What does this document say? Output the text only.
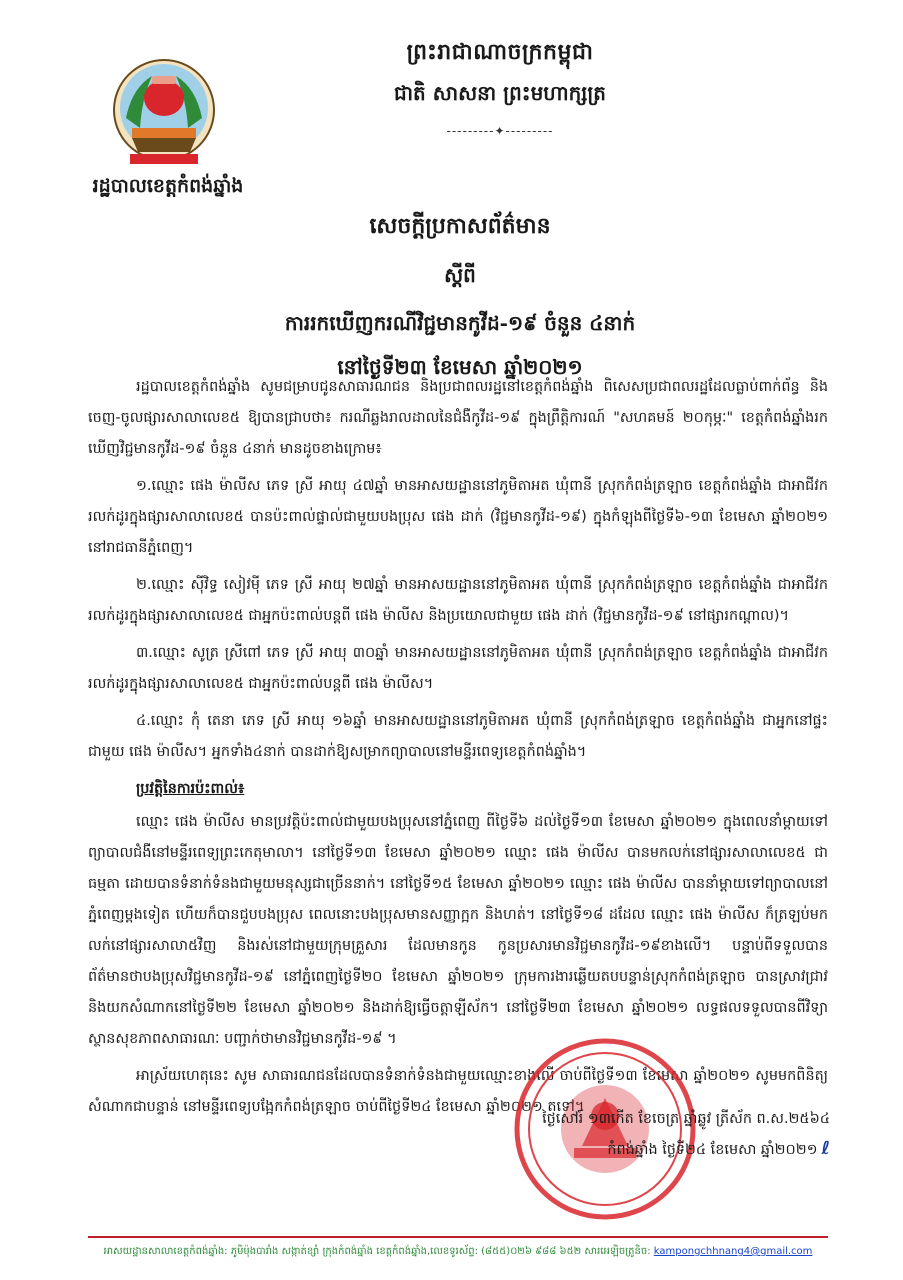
ព្រះរាជាណាចក្រកម្ពុជា
ជាតិ សាសនា ព្រះមហាក្សត្រ
---------✦---------
រដ្ឋបាលខេត្តកំពង់ឆ្នាំង
សេចក្តីប្រកាសព័ត៌មាន
ស្តីពី
ការរកឃើញករណីវិជ្ជមានកូវីដ-១៩ ចំនួន ៤នាក់
នៅថ្ងៃទី២៣ ខែមេសា ឆ្នាំ២០២១

រដ្ឋបាលខេត្តកំពង់ឆ្នាំង សូមជម្រាបជូនសាធារណជន និងប្រជាពលរដ្ឋនៅខេត្តកំពង់ឆ្នាំង ពិសេសប្រជាពលរដ្ឋដែលធ្លាប់ពាក់ព័ន្ធ និងចេញ-ចូលផ្សារសាលាលេខ៥ ឱ្យបានជ្រាបថា៖ ករណីឆ្លងរាលដាលនៃជំងឺកូវីដ-១៩ ក្នុងព្រឹត្តិការណ៍ "សហគមន៍ ២០កុម្ភៈ" ខេត្តកំពង់ឆ្នាំងរកឃើញវិជ្ជមានកូវីដ-១៩ ចំនួន ៤នាក់ មានដូចខាងក្រោម៖

១.ឈ្មោះ ផេង ម៉ាលីស ភេទ ស្រី អាយុ ៤៧ឆ្នាំ មានអាសយដ្ឋាននៅភូមិតាអត ឃុំពានី ស្រុកកំពង់ត្រឡាច ខេត្តកំពង់ឆ្នាំង ជាអាជីវករលក់ដូរក្នុងផ្សារសាលាលេខ៥ បានប៉ះពាល់ផ្ទាល់ជាមួយបងប្រុស ផេង ដាក់ (វិជ្ជមានកូវីដ-១៩) ក្នុងកំឡុងពីថ្ងៃទី៦-១៣ ខែមេសា ឆ្នាំ២០២១ នៅរាជធានីភ្នំពេញ។

២.ឈ្មោះ ស៊ីវិទ្ធ សៀវម៉ី ភេទ ស្រី អាយុ ២៧ឆ្នាំ មានអាសយដ្ឋាននៅភូមិតាអត ឃុំពានី ស្រុកកំពង់ត្រឡាច ខេត្តកំពង់ឆ្នាំង ជាអាជីវករលក់ដូរក្នុងផ្សារសាលាលេខ៥ ជាអ្នកប៉ះពាល់បន្តពី ផេង ម៉ាលីស និងប្រយោលជាមួយ ផេង ដាក់ (វិជ្ជមានកូវីដ-១៩ នៅផ្សារកណ្តាល)។

៣.ឈ្មោះ សូត្រ ស្រីពៅ ភេទ ស្រី អាយុ ៣០ឆ្នាំ មានអាសយដ្ឋាននៅភូមិតាអត ឃុំពានី ស្រុកកំពង់ត្រឡាច ខេត្តកំពង់ឆ្នាំង ជាអាជីវករលក់ដូរក្នុងផ្សារសាលាលេខ៥ ជាអ្នកប៉ះពាល់បន្តពី ផេង ម៉ាលីស។

៤.ឈ្មោះ កុំ តេនា ភេទ ស្រី អាយុ ១៦ឆ្នាំ មានអាសយដ្ឋាននៅភូមិតាអត ឃុំពានី ស្រុកកំពង់ត្រឡាច ខេត្តកំពង់ឆ្នាំង ជាអ្នកនៅផ្ទះជាមួយ ផេង ម៉ាលីស។ អ្នកទាំង៤នាក់ បានដាក់ឱ្យសម្រាកព្យាបាលនៅមន្ទីរពេទ្យខេត្តកំពង់ឆ្នាំង។

ប្រវត្តិនៃការប៉ះពាល់៖

ឈ្មោះ ផេង ម៉ាលីស មានប្រវត្តិប៉ះពាល់ជាមួយបងប្រុសនៅភ្នំពេញ ពីថ្ងៃទី៦ ដល់ថ្ងៃទី១៣ ខែមេសា ឆ្នាំ២០២១ ក្នុងពេលនាំម្តាយទៅព្យាបាលជំងឺនៅមន្ទីរពេទ្យព្រះកេតុមាលា។ នៅថ្ងៃទី១៣ ខែមេសា ឆ្នាំ២០២១ ឈ្មោះ ផេង ម៉ាលីស បានមកលក់នៅផ្សារសាលាលេខ៥ ជាធម្មតា ដោយបានទំនាក់ទំនងជាមួយមនុស្សជាច្រើននាក់។ នៅថ្ងៃទី១៥ ខែមេសា ឆ្នាំ២០២១ ឈ្មោះ ផេង ម៉ាលីស បាននាំម្តាយទៅព្យាបាលនៅភ្នំពេញម្តងទៀត ហើយក៏បានជួបបងប្រុស ពេលនោះបងប្រុសមានសញ្ញាក្អក និងហត់។ នៅថ្ងៃទី១៨ ដដែល ឈ្មោះ ផេង ម៉ាលីស ក៏ត្រឡប់មកលក់នៅផ្សារសាលា៥វិញ និងរស់នៅជាមួយក្រុមគ្រួសារ ដែលមានកូន កូនប្រសារមានវិជ្ជមានកូវីដ-១៩ខាងលើ។ បន្ទាប់ពីទទួលបានព័ត៌មានថាបងប្រុសវិជ្ជមានកូវីដ-១៩ នៅភ្នំពេញថ្ងៃទី២០ ខែមេសា ឆ្នាំ២០២១ ក្រុមការងារឆ្លើយតបបន្ទាន់ស្រុកកំពង់ត្រឡាច បានស្រាវជ្រាវនិងយកសំណាកនៅថ្ងៃទី២២ ខែមេសា ឆ្នាំ២០២១ និងដាក់ឱ្យធ្វើចត្តាឡីស័ក។ នៅថ្ងៃទី២៣ ខែមេសា ឆ្នាំ២០២១ លទ្ធផលទទួលបានពីវិទ្យាស្ថានសុខភាពសាធារណៈ បញ្ជាក់ថាមានវិជ្ជមានកូវីដ-១៩ ។

អាស្រ័យហេតុនេះ សូម សាធារណជនដែលបានទំនាក់ទំនងជាមួយឈ្មោះខាងលើ ចាប់ពីថ្ងៃទី១៣ ខែមេសា ឆ្នាំ២០២១ សូមមកពិនិត្យសំណាកជាបន្ទាន់ នៅមន្ទីរពេទ្យបង្អែកកំពង់ត្រឡាច ចាប់ពីថ្ងៃទី២៤ ខែមេសា ឆ្នាំ២០២១ តទៅ។

ថ្ងៃសៅរ៍ ១៣កើត ខែចេត្រ ឆ្នាំឆ្លូវ ត្រីស័ក ព.ស.២៥៦៤
កំពង់ឆ្នាំង ថ្ងៃទី២៤ ខែមេសា ឆ្នាំ២០២១ ℓ
អាសយដ្ឋានសាលាខេត្តកំពង់ឆ្នាំង: ភូមិម៉ុងបារាំង សង្កាត់ខ្សាំ ក្រុងកំពង់ឆ្នាំង ខេត្តកំពង់ឆ្នាំង,លេខទូរស័ព្ទ: (៨៥៥)០២៦ ៩៨៨ ៦៥២ សារអេឡិចត្រូនិច: kampongchhnang4@gmail.com
